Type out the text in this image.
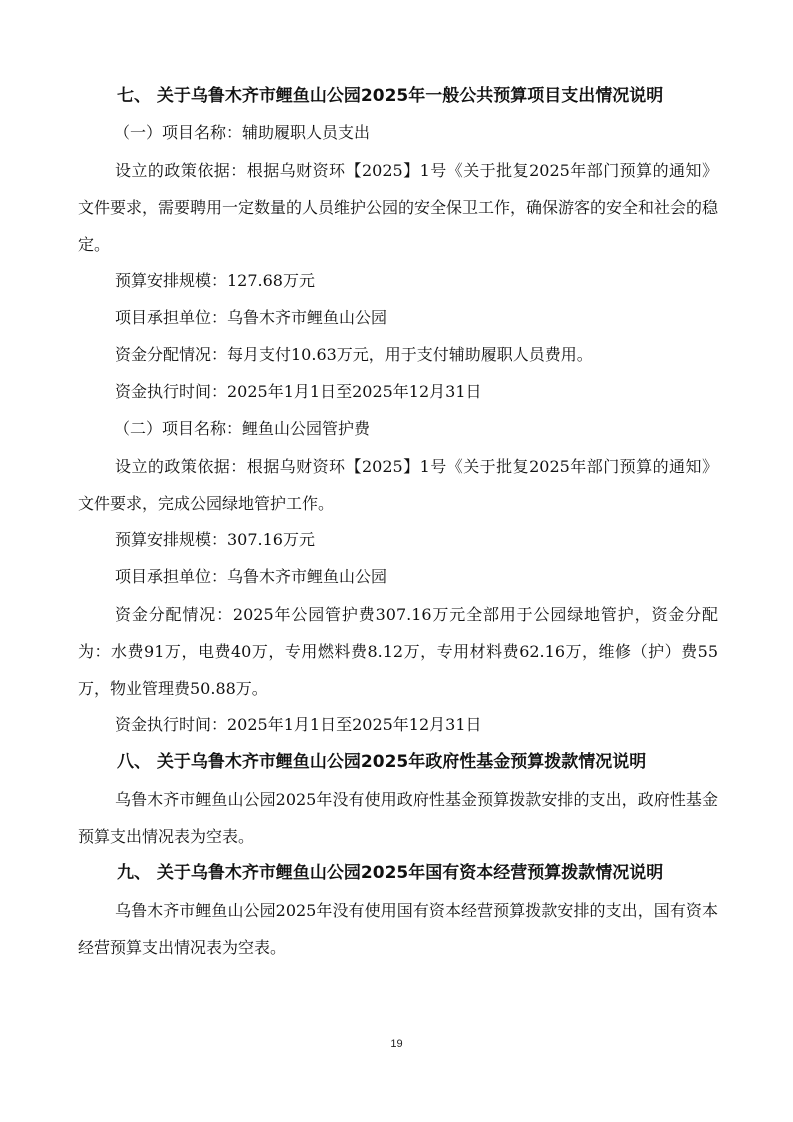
七、 关于乌鲁木齐市鲤鱼山公园2025年一般公共预算项目支出情况说明
（一）项目名称：辅助履职人员支出

设立的政策依据：根据乌财资环【2025】1号《关于批复2025年部门预算的通知》文件要求，需要聘用一定数量的人员维护公园的安全保卫工作，确保游客的安全和社会的稳定。

预算安排规模：127.68万元

项目承担单位：乌鲁木齐市鲤鱼山公园

资金分配情况：每月支付10.63万元，用于支付辅助履职人员费用。

资金执行时间：2025年1月1日至2025年12月31日

（二）项目名称：鲤鱼山公园管护费

设立的政策依据：根据乌财资环【2025】1号《关于批复2025年部门预算的通知》文件要求，完成公园绿地管护工作。

预算安排规模：307.16万元

项目承担单位：乌鲁木齐市鲤鱼山公园

资金分配情况：2025年公园管护费307.16万元全部用于公园绿地管护，资金分配为：水费91万，电费40万，专用燃料费8.12万，专用材料费62.16万，维修（护）费55万，物业管理费50.88万。

资金执行时间：2025年1月1日至2025年12月31日

八、 关于乌鲁木齐市鲤鱼山公园2025年政府性基金预算拨款情况说明

乌鲁木齐市鲤鱼山公园2025年没有使用政府性基金预算拨款安排的支出，政府性基金预算支出情况表为空表。

九、 关于乌鲁木齐市鲤鱼山公园2025年国有资本经营预算拨款情况说明

乌鲁木齐市鲤鱼山公园2025年没有使用国有资本经营预算拨款安排的支出，国有资本经营预算支出情况表为空表。

19
